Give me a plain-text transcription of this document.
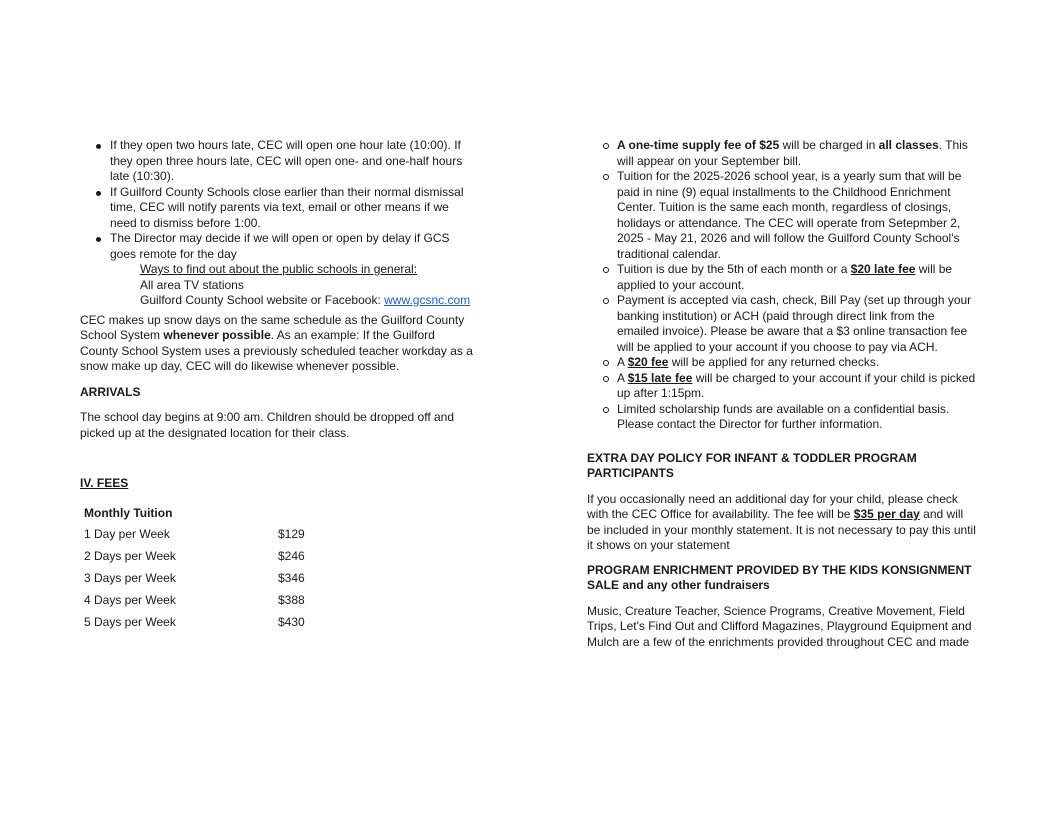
If they open two hours late, CEC will open one hour late (10:00). If they open three hours late, CEC will open one- and one-half hours late (10:30).
If Guilford County Schools close earlier than their normal dismissal time, CEC will notify parents via text, email or other means if we need to dismiss before 1:00.
The Director may decide if we will open or open by delay if GCS goes remote for the day
Ways to find out about the public schools in general:
All area TV stations
Guilford County School website or Facebook: www.gcsnc.com

CEC makes up snow days on the same schedule as the Guilford County School System whenever possible. As an example: If the Guilford County School System uses a previously scheduled teacher workday as a snow make up day, CEC will do likewise whenever possible.

ARRIVALS

The school day begins at 9:00 am. Children should be dropped off and picked up at the designated location for their class.

IV. FEES

Monthly Tuition

1 Day per Week	$129
2 Days per Week	$246
3 Days per Week	$346
4 Days per Week	$388
5 Days per Week	$430
A one-time supply fee of $25 will be charged in all classes. This will appear on your September bill.
Tuition for the 2025-2026 school year, is a yearly sum that will be paid in nine (9) equal installments to the Childhood Enrichment Center. Tuition is the same each month, regardless of closings, holidays or attendance. The CEC will operate from Setepmber 2, 2025 - May 21, 2026 and will follow the Guilford County School's traditional calendar.
Tuition is due by the 5th of each month or a $20 late fee will be applied to your account.
Payment is accepted via cash, check, Bill Pay (set up through your banking institution) or ACH (paid through direct link from the emailed invoice). Please be aware that a $3 online transaction fee will be applied to your account if you choose to pay via ACH.
A $20 fee will be applied for any returned checks.
A $15 late fee will be charged to your account if your child is picked up after 1:15pm.
Limited scholarship funds are available on a confidential basis. Please contact the Director for further information.

EXTRA DAY POLICY FOR INFANT & TODDLER PROGRAM PARTICIPANTS

If you occasionally need an additional day for your child, please check with the CEC Office for availability. The fee will be $35 per day and will be included in your monthly statement. It is not necessary to pay this until it shows on your statement

PROGRAM ENRICHMENT PROVIDED BY THE KIDS KONSIGNMENT SALE and any other fundraisers

Music, Creature Teacher, Science Programs, Creative Movement, Field Trips, Let's Find Out and Clifford Magazines, Playground Equipment and Mulch are a few of the enrichments provided throughout CEC and made
